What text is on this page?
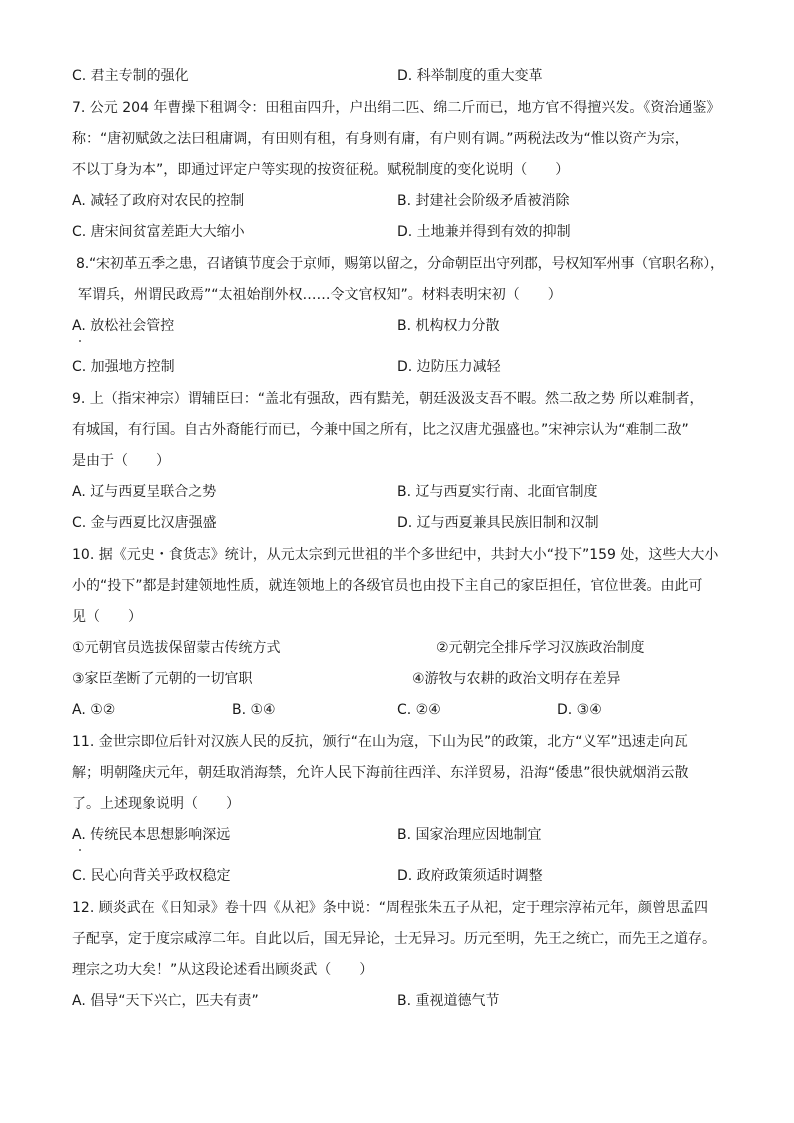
C. 君主专制的强化	D. 科举制度的重大变革
7. 公元 204 年曹操下租调令：田租亩四升，户出绢二匹、绵二斤而已，地方官不得擅兴发。《资治通鉴》
称：“唐初赋敛之法曰租庸调，有田则有租，有身则有庸，有户则有调。”两税法改为“惟以资产为宗，
不以丁身为本”，即通过评定户等实现的按资征税。赋税制度的变化说明（　　）
A. 减轻了政府对农民的控制	B. 封建社会阶级矛盾被消除
C. 唐宋间贫富差距大大缩小	D. 土地兼并得到有效的抑制
8.“宋初革五季之患，召诸镇节度会于京师，赐第以留之，分命朝臣出守列郡，号权知军州事（官职名称），
军谓兵，州谓民政焉”“太祖始削外权……令文官权知”。材料表明宋初（　　）
A. 放松社会管控	B. 机构权力分散
C. 加强地方控制	D. 边防压力减轻
9. 上（指宋神宗）谓辅臣曰：“盖北有强敌，西有黠羌，朝廷汲汲支吾不暇。然二敌之势 所以难制者，
有城国，有行国。自古外裔能行而已，今兼中国之所有，比之汉唐尤强盛也。”宋神宗认为“难制二敌”
是由于（　　）
A. 辽与西夏呈联合之势	B. 辽与西夏实行南、北面官制度
C. 金与西夏比汉唐强盛	D. 辽与西夏兼具民族旧制和汉制
10. 据《元史・食货志》统计，从元太宗到元世祖的半个多世纪中，共封大小“投下”159 处，这些大大小
小的“投下”都是封建领地性质，就连领地上的各级官员也由投下主自己的家臣担任，官位世袭。由此可
见（　　）
①元朝官员选拔保留蒙古传统方式	②元朝完全排斥学习汉族政治制度
③家臣垄断了元朝的一切官职	④游牧与农耕的政治文明存在差异
A. ①②	B. ①④	C. ②④	D. ③④
11. 金世宗即位后针对汉族人民的反抗，颁行“在山为寇，下山为民”的政策，北方“义军”迅速走向瓦
解；明朝隆庆元年，朝廷取消海禁，允许人民下海前往西洋、东洋贸易，沿海“倭患”很快就烟消云散
了。上述现象说明（　　）
A. 传统民本思想影响深远	B. 国家治理应因地制宜
C. 民心向背关乎政权稳定	D. 政府政策须适时调整
12. 顾炎武在《日知录》卷十四《从祀》条中说：“周程张朱五子从祀，定于理宗淳祐元年，颜曾思孟四
子配享，定于度宗咸淳二年。自此以后，国无异论，士无异习。历元至明，先王之统亡，而先王之道存。
理宗之功大矣！”从这段论述看出顾炎武（　　）
A. 倡导“天下兴亡，匹夫有责”	B. 重视道德气节
